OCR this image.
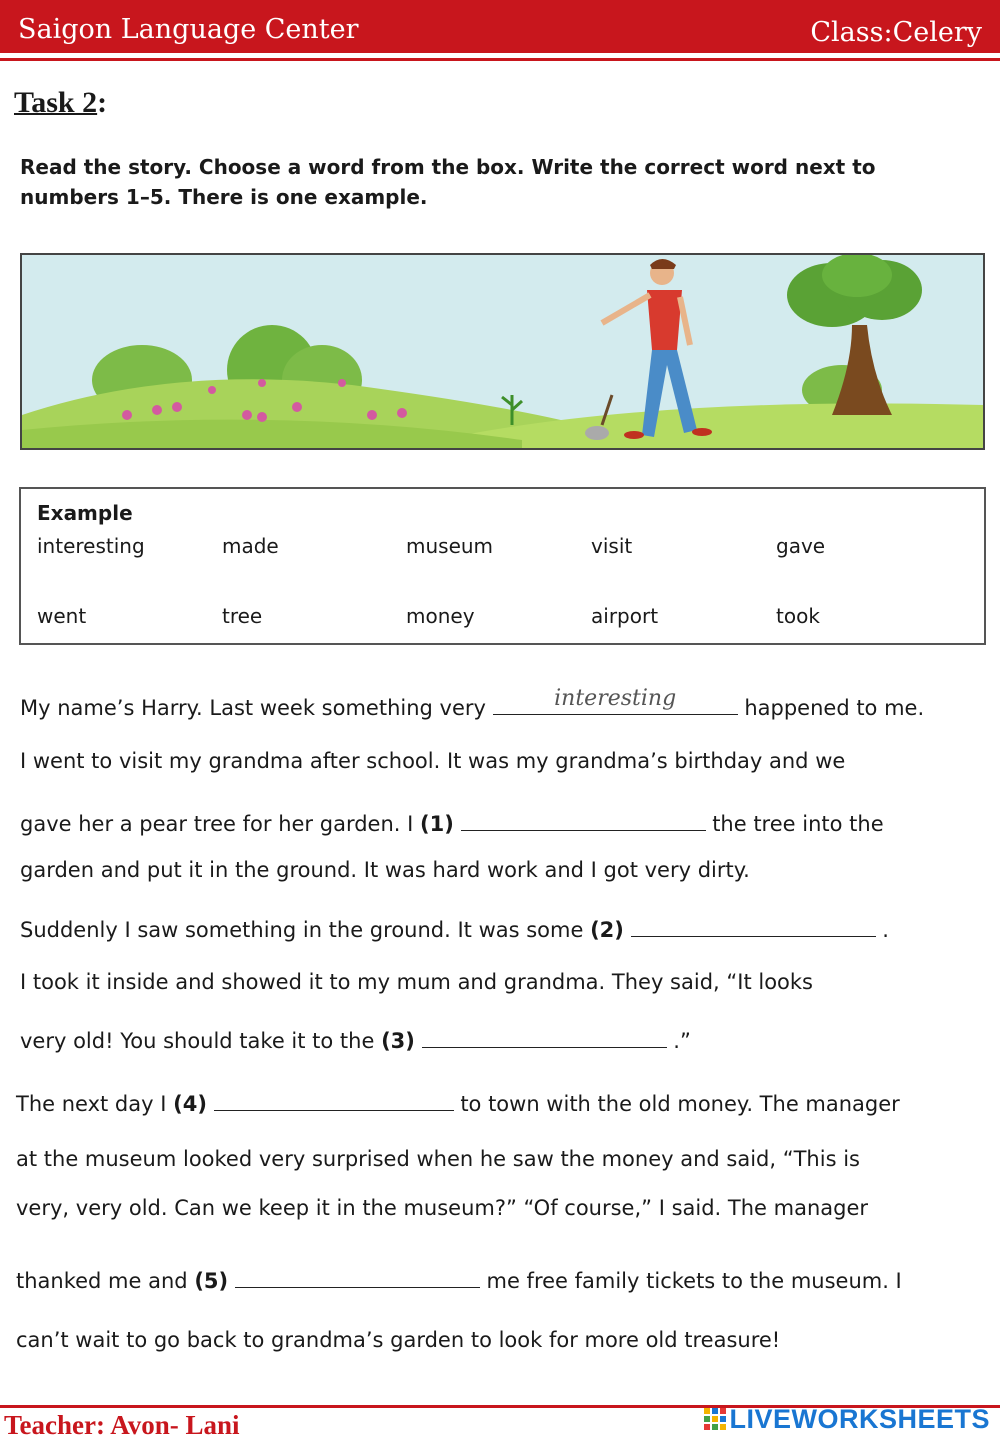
Saigon Language Center	Class:Celery
Task 2:
Read the story. Choose a word from the box. Write the correct word next to numbers 1–5. There is one example.
Example
interesting	made	museum	visit	gave
went	tree	money	airport	took
My name’s Harry. Last week something very	interesting	happened to me.
I went to visit my grandma after school. It was my grandma’s birthday and we
gave her a pear tree for her garden. I (1)	the tree into the
garden and put it in the ground. It was hard work and I got very dirty.
Suddenly I saw something in the ground. It was some (2)	.
I took it inside and showed it to my mum and grandma. They said, “It looks
very old! You should take it to the (3)	.”
The next day I (4)	to town with the old money. The manager
at the museum looked very surprised when he saw the money and said, “This is
very, very old. Can we keep it in the museum?” “Of course,” I said. The manager
thanked me and (5)	me free family tickets to the museum. I
can’t wait to go back to grandma’s garden to look for more old treasure!
Teacher: Avon- Lani	LIVEWORKSHEETS
